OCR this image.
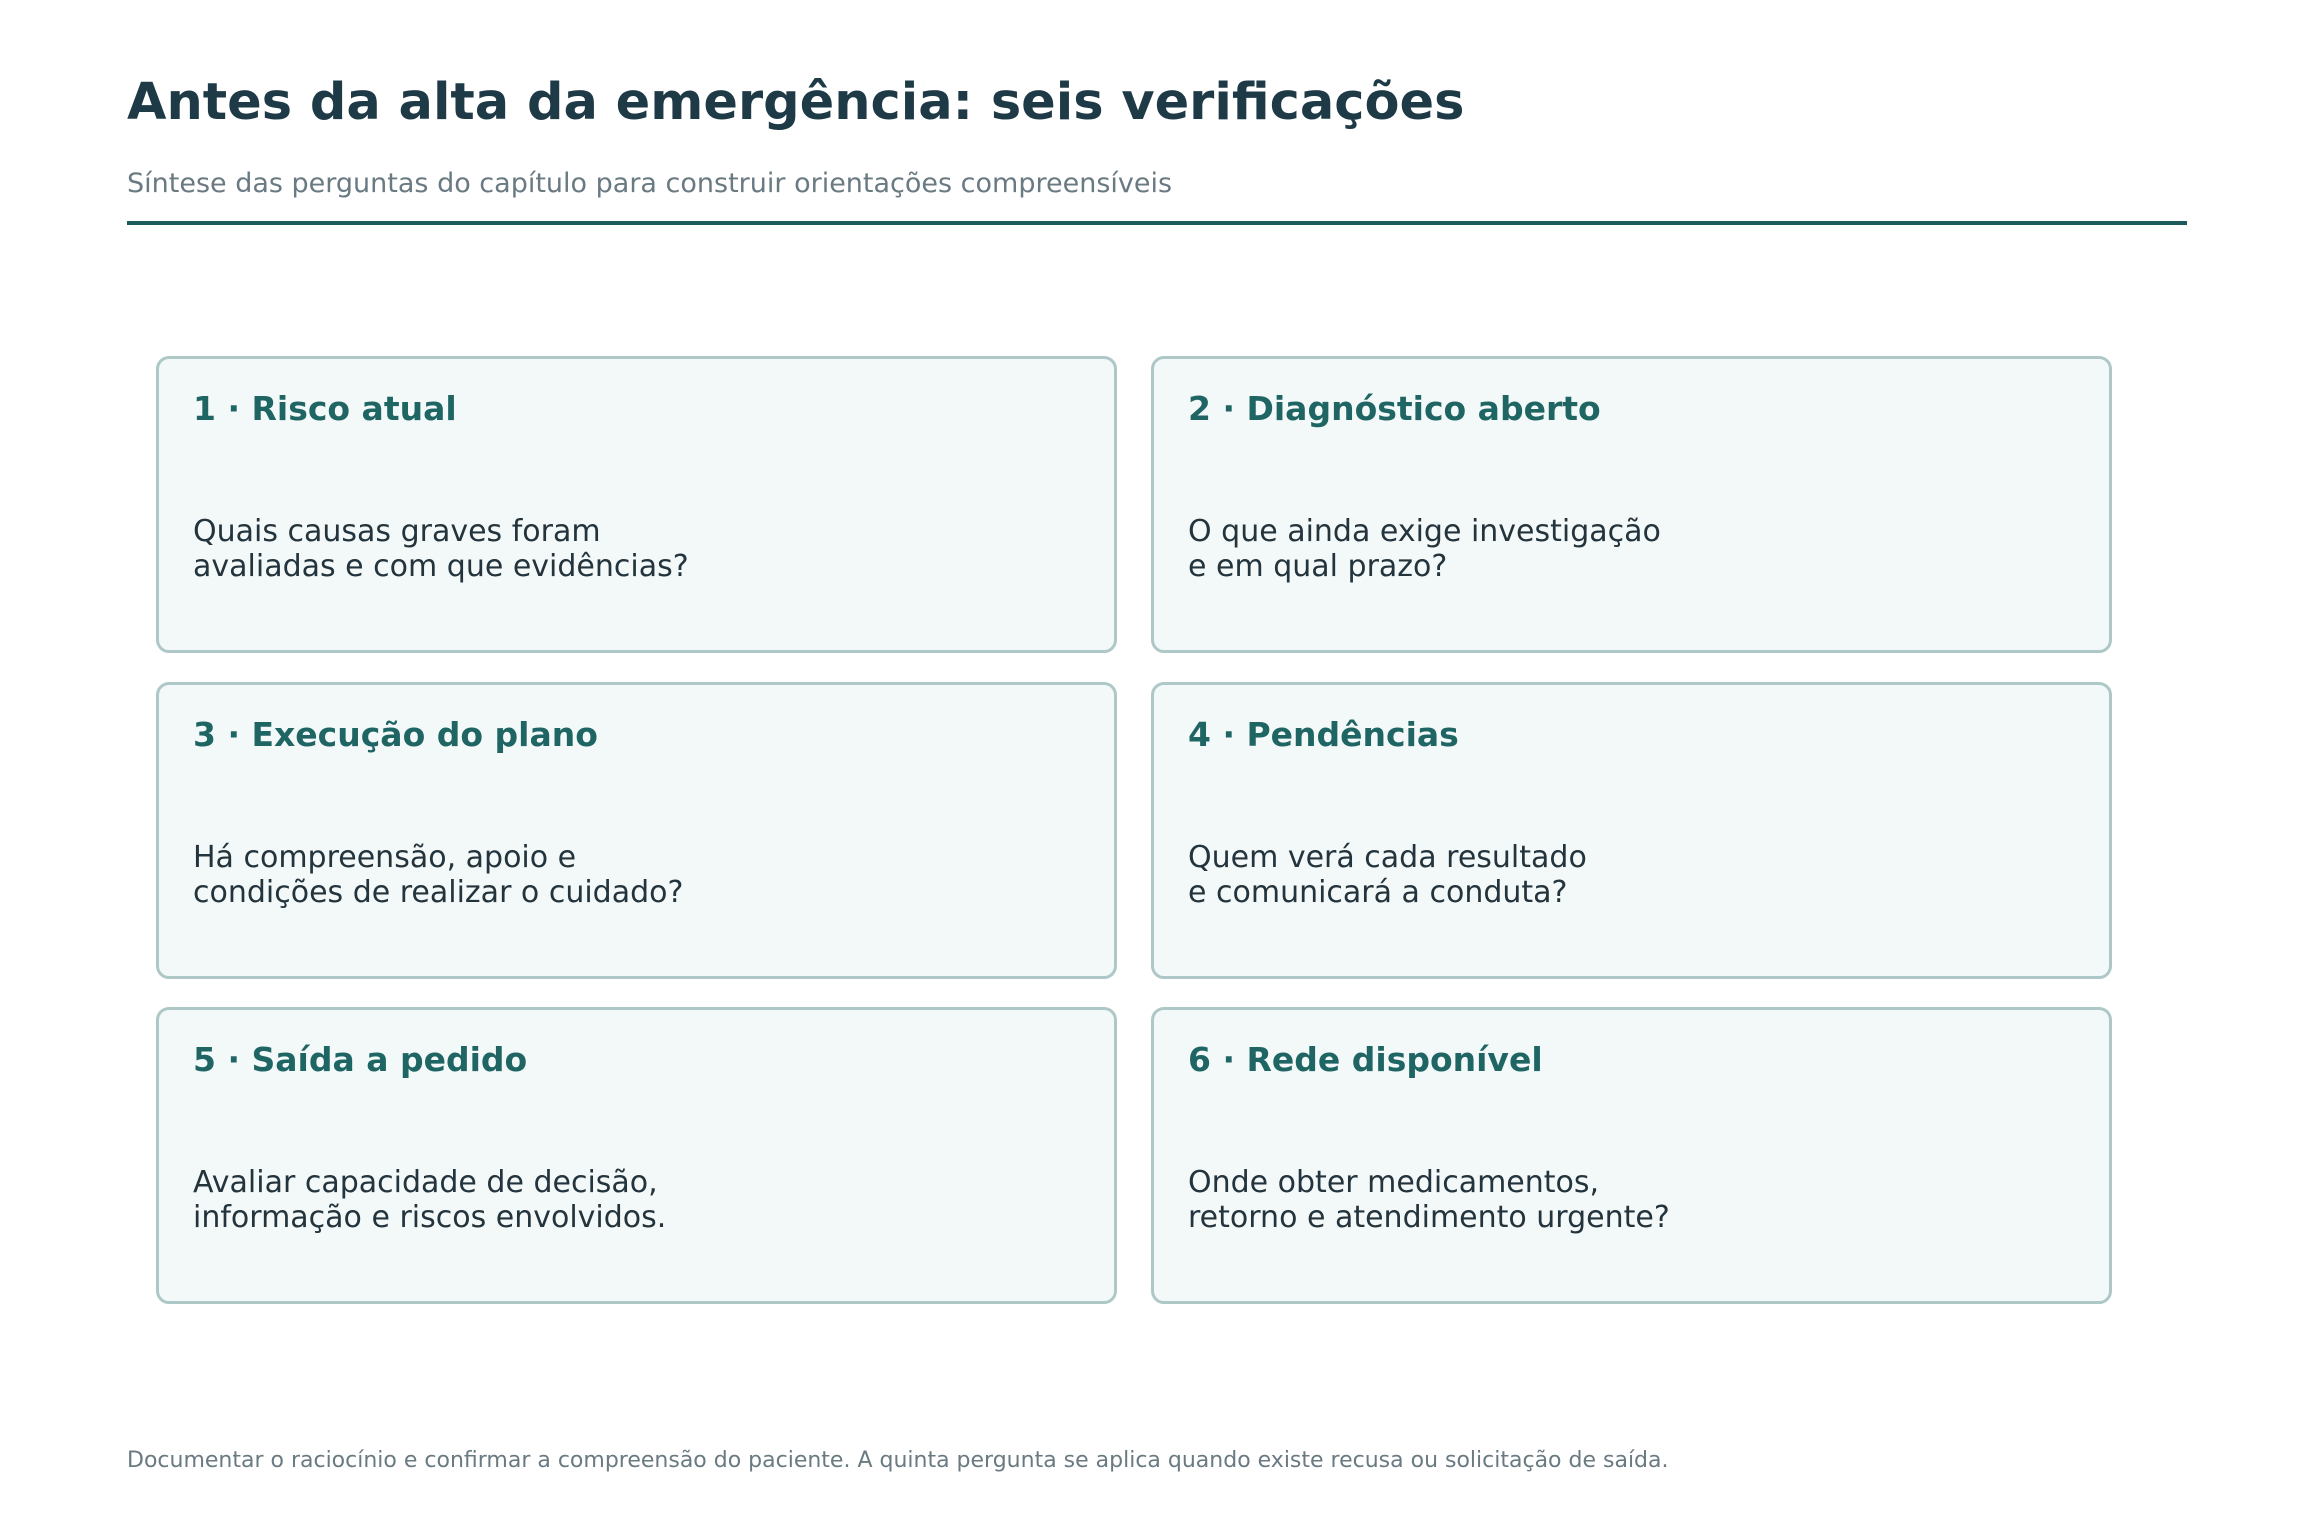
Antes da alta da emergência: seis verificações

Síntese das perguntas do capítulo para construir orientações compreensíveis

1 · Risco atual
Quais causas graves foram
avaliadas e com que evidências?
2 · Diagnóstico aberto
O que ainda exige investigação
e em qual prazo?
3 · Execução do plano
Há compreensão, apoio e
condições de realizar o cuidado?
4 · Pendências
Quem verá cada resultado
e comunicará a conduta?
5 · Saída a pedido
Avaliar capacidade de decisão,
informação e riscos envolvidos.
6 · Rede disponível
Onde obter medicamentos,
retorno e atendimento urgente?

Documentar o raciocínio e confirmar a compreensão do paciente. A quinta pergunta se aplica quando existe recusa ou solicitação de saída.
